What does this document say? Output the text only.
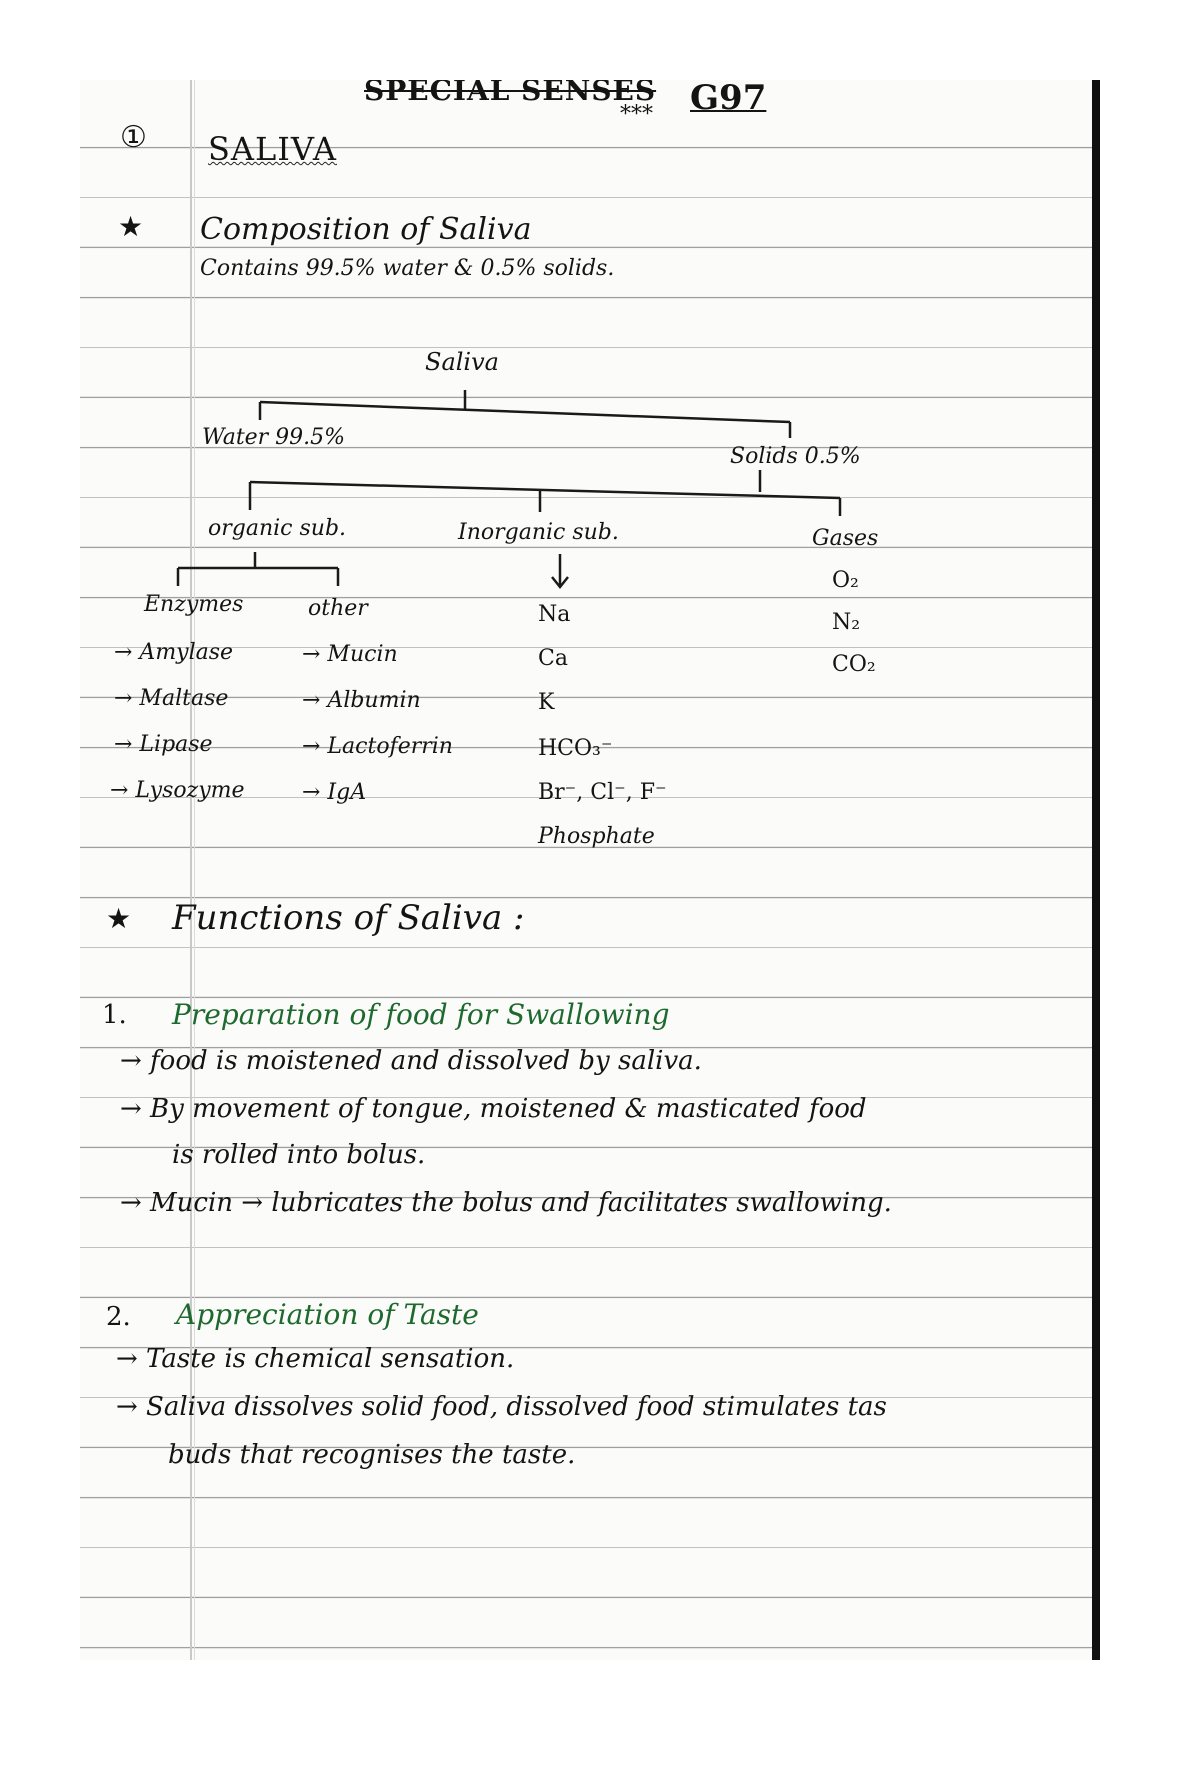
SPECIAL SENSES
*** G97
① SALIVA
★ Composition of Saliva
Contains 99.5% water & 0.5% solids.
Saliva
Water 99.5%
Solids 0.5%
organic sub.	Inorganic sub.	Gases
Enzymes	other
→ Amylase
→ Maltase
→ Lipase
→ Lysozyme
→ Mucin
→ Albumin
→ Lactoferrin
→ IgA
Na
Ca
K
HCO₃⁻
Br⁻, Cl⁻, F⁻
Phosphate
O₂
N₂
CO₂
★ Functions of Saliva :
1. Preparation of food for Swallowing
→ food is moistened and dissolved by saliva.
→ By movement of tongue, moistened & masticated food
is rolled into bolus.
→ Mucin → lubricates the bolus and facilitates swallowing.
2. Appreciation of Taste
→ Taste is chemical sensation.
→ Saliva dissolves solid food, dissolved food stimulates tas
buds that recognises the taste.
